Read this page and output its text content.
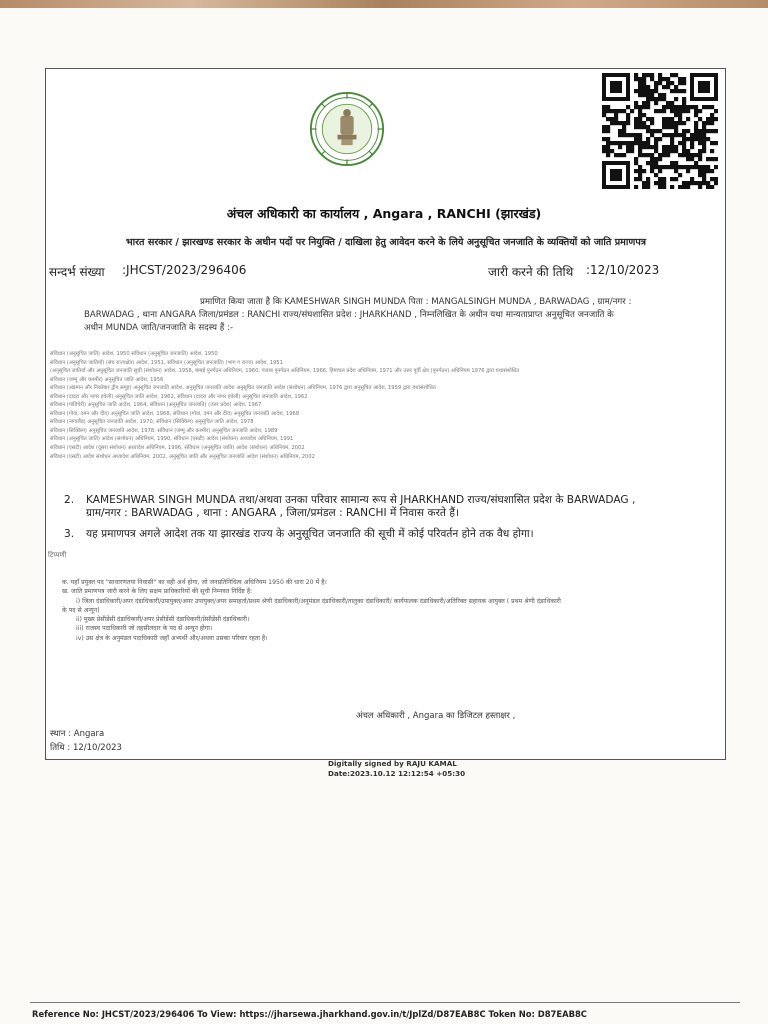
अंचल अधिकारी का कार्यालय , Angara , RANCHI (झारखंड)
भारत सरकार / झारखण्ड सरकार के अधीन पदों पर नियुक्ति / दाखिला हेतु आवेदन करने के लिये अनुसूचित जनजाति के व्यक्तियों को जाति प्रमाणपत्र
सन्दर्भ संख्या :JHCST/2023/296406	जारी करने की तिथि :12/10/2023
प्रमाणित किया जाता है कि KAMESHWAR SINGH MUNDA पिता : MANGALSINGH MUNDA , BARWADAG , ग्राम/नगर :
BARWADAG , थाना ANGARA जिला/प्रमंडल : RANCHI राज्य/संघशासित प्रदेश : JHARKHAND , निम्नलिखित के अधीन यथा मान्यताप्राप्त अनुसूचित जनजाति के
अधीन MUNDA जाति/जनजाति के सदस्य हैं :-
संविधान (अनुसूचित जाति) आदेश, 1950 संविधान (अनुसूचित जनजाति) आदेश, 1950
संविधान (अनुसूचित जातियाँ) (संघ राज्यक्षेत्र) आदेश, 1951, संविधान (अनुसूचित जनजाति) (भाग ग राज्य) आदेश, 1951
(अनुसूचित जातियाँ और अनुसूचित जनजाति सूची (संशोधन) आदेश, 1956, बम्बई पुनर्गठन अधिनियम, 1960, पंजाब पुनर्गठन अधिनियम, 1966, हिमाचल प्रदेश अधिनियम, 1971 और उत्तर पूर्वी क्षेत्र (पुनर्गठन) अधिनियम 1976 द्वारा यथासंशोधित
संविधान (जम्मू और कश्मीर) अनुसूचित जाति आदेश, 1956
संविधान (अंडमान और निकोबार द्वीप समूह) अनुसूचित जनजाति आदेश, अनुसूचित जनजाति आदेश अनुसूचित जनजाति आदेश (संशोधन) अधिनियम, 1976 द्वारा अनुसूचित आदेश, 1959 द्वारा यथासंशोधित
संविधान (दादरा और नागर हवेली) अनुसूचित जाति आदेश, 1962, संविधान (दादरा और नागर हवेली) अनुसूचित जनजाति आदेश, 1962
संविधान (पांडिचेरी) अनुसूचित जाति आदेश, 1964, संविधान (अनुसूचित जनजाति) (उत्तर प्रदेश) आदेश, 1967
संविधान (गोवा, दमन और दीव) अनुसूचित जाति आदेश, 1968, संविधान (गोवा, दमन और दीव) अनुसूचित जनजाति आदेश, 1968
संविधान (नागालैंड) अनुसूचित जनजाति आदेश, 1970, संविधान (सिक्किम) अनुसूचित जाति आदेश, 1978
संविधान (सिक्किम) अनुसूचित जनजाति आदेश, 1978, संविधान (जम्मू और कश्मीर) अनुसूचित जनजाति आदेश, 1989
संविधान (अनुसूचित जाति) आदेश (संशोधन) अधिनियम, 1990, संविधान (एसटी) आदेश (संशोधन) अध्यादेश अधिनियम, 1991
संविधान (एसटी) आदेश (दूसरा संशोधन) अध्यादेश अधिनियम, 1996, संविधान (अनुसूचित जाति) आदेश (संशोधन) अधिनियम, 2002
संविधान (एसटी) आदेश संशोधन अध्यादेश अधिनियम, 2002, अनुसूचित जाति और अनुसूचित जनजाति आदेश (संशोधन) अधिनियम, 2002
2. KAMESHWAR SINGH MUNDA तथा/अथवा उनका परिवार सामान्य रूप से JHARKHAND राज्य/संघशासित प्रदेश के BARWADAG ,
ग्राम/नगर : BARWADAG , थाना : ANGARA , जिला/प्रमंडल : RANCHI में निवास करते हैं।
3. यह प्रमाणपत्र अगले आदेश तक या झारखंड राज्य के अनुसूचित जनजाति की सूची में कोई परिवर्तन होने तक वैध होगा।
टिप्पणी
क. यहाँ प्रयुक्त पद "साधारणतया निवासी" का वही अर्थ होगा, जो जनप्रतिनिधित्व अधिनियम 1950 की धारा 20 में है।
ख. जाति प्रमाणपत्र जारी करने के लिए सक्षम प्राधिकारियों की सूची निम्नवत निर्दिष्ट है:
i) जिला दंडाधिकारी/अपर दंडाधिकारी/उपायुक्त/अपर उपायुक्त/अपर समाहर्ता/प्रथम श्रेणी दंडाधिकारी/अनुमंडल दंडाधिकारी/तालुका दंडाधिकारी/ कार्यपालक दंडाधिकारी/अतिरिक्त सहायक आयुक्त ( प्रथम श्रेणी दंडाधिकारी
के पद से अन्यून)
ii) मुख्य प्रेसीडेंसी दंडाधिकारी/अपर प्रेसीडेंसी दंडाधिकारी/प्रेसीडेंसी दंडाधिकारी।
iii) राजस्व पदाधिकारी जो तहसीलदार के पद से अन्यून होगा।
iv) उस क्षेत्र के अनुमंडल पदाधिकारी जहाँ अभ्यर्थी और/अथवा उसका परिवार रहता है।
अंचल अधिकारी , Angara का डिजिटल हस्ताक्षर ,
स्थान : Angara
तिथि : 12/10/2023
Digitally signed by RAJU KAMAL
Date:2023.10.12 12:12:54 +05:30
Reference No: JHCST/2023/296406 To View: https://jharsewa.jharkhand.gov.in/t/JplZd/D87EAB8C Token No: D87EAB8C
